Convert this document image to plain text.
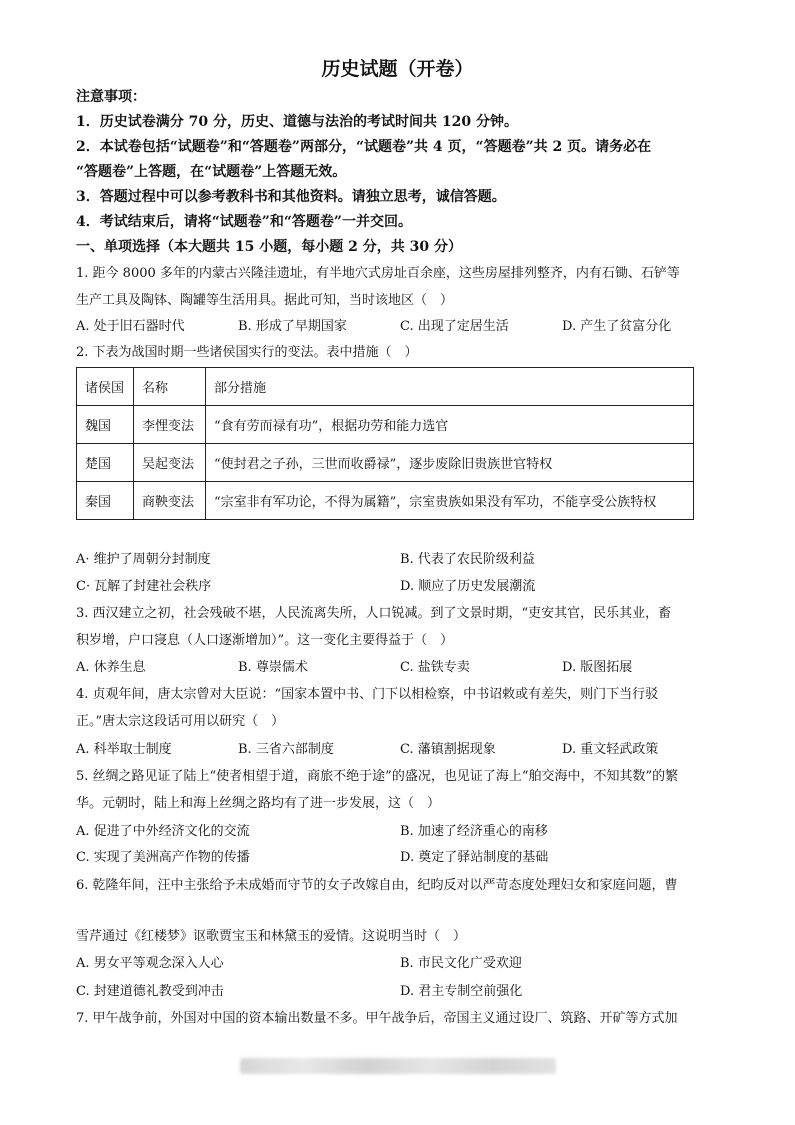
历史试题（开卷）
注意事项：
1．历史试卷满分 70 分，历史、道德与法治的考试时间共 120 分钟。
2．本试卷包括“试题卷”和“答题卷”两部分，“试题卷”共 4 页，“答题卷”共 2 页。请务必在
“答题卷”上答题，在“试题卷”上答题无效。
3．答题过程中可以参考教科书和其他资料。请独立思考，诚信答题。
4．考试结束后，请将“试题卷”和“答题卷”一并交回。
一、单项选择（本大题共 15 小题，每小题 2 分，共 30 分）
1. 距今 8000 多年的内蒙古兴隆洼遗址，有半地穴式房址百余座，这些房屋排列整齐，内有石锄、石铲等
生产工具及陶钵、陶罐等生活用具。据此可知，当时该地区（　）
A. 处于旧石器时代	B. 形成了早期国家	C. 出现了定居生活	D. 产生了贫富分化
2. 下表为战国时期一些诸侯国实行的变法。表中措施（　）
诸侯国	名称	部分措施
魏国	李悝变法	“食有劳而禄有功”，根据功劳和能力选官
楚国	吴起变法	“使封君之子孙，三世而收爵禄”，逐步废除旧贵族世官特权
秦国	商鞅变法	“宗室非有军功论，不得为属籍”，宗室贵族如果没有军功，不能享受公族特权
A· 维护了周朝分封制度	B. 代表了农民阶级利益
C· 瓦解了封建社会秩序	D. 顺应了历史发展潮流
3. 西汉建立之初，社会残破不堪，人民流离失所，人口锐减。到了文景时期，“吏安其官，民乐其业，畜
积岁增，户口寖息（人口逐渐增加）”。这一变化主要得益于（　）
A. 休养生息	B. 尊崇儒术	C. 盐铁专卖	D. 版图拓展
4. 贞观年间，唐太宗曾对大臣说：“国家本置中书、门下以相检察，中书诏敕或有差失，则门下当行驳
正。”唐太宗这段话可用以研究（　）
A. 科举取士制度	B. 三省六部制度	C. 藩镇割据现象	D. 重文轻武政策
5. 丝绸之路见证了陆上“使者相望于道，商旅不绝于途”的盛况，也见证了海上“舶交海中，不知其数”的繁
华。元朝时，陆上和海上丝绸之路均有了进一步发展，这（　）
A. 促进了中外经济文化的交流	B. 加速了经济重心的南移
C. 实现了美洲高产作物的传播	D. 奠定了驿站制度的基础
6. 乾隆年间，汪中主张给予未成婚而守节的女子改嫁自由，纪昀反对以严苛态度处理妇女和家庭问题，曹
雪芹通过《红楼梦》讴歌贾宝玉和林黛玉的爱情。这说明当时（　）
A. 男女平等观念深入人心	B. 市民文化广受欢迎
C. 封建道德礼教受到冲击	D. 君主专制空前强化
7. 甲午战争前，外国对中国的资本输出数量不多。甲午战争后，帝国主义通过设厂、筑路、开矿等方式加
